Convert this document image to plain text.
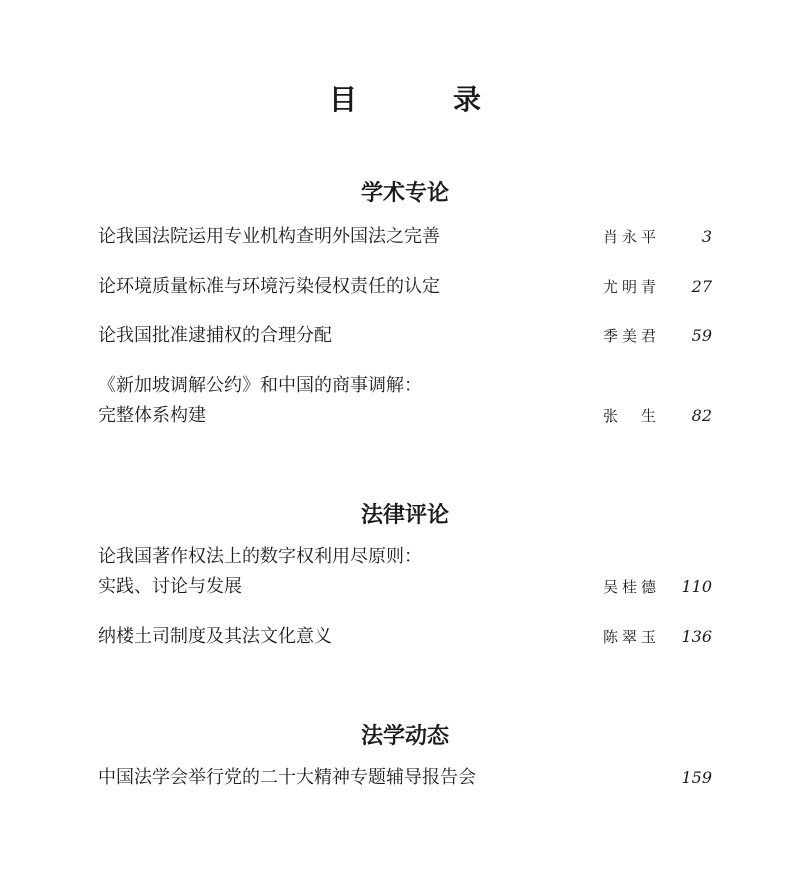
目　录
学术专论
论我国法院运用专业机构查明外国法之完善	肖永平	3
论环境质量标准与环境污染侵权责任的认定	尤明青 27
论我国批准逮捕权的合理分配	季美君 59
《新加坡调解公约》和中国的商事调解：
完整体系构建	张　生 82
法律评论
论我国著作权法上的数字权利用尽原则：
实践、讨论与发展	吴桂德 110
纳楼土司制度及其法文化意义	陈翠玉 136
法学动态
中国法学会举行党的二十大精神专题辅导报告会	159
